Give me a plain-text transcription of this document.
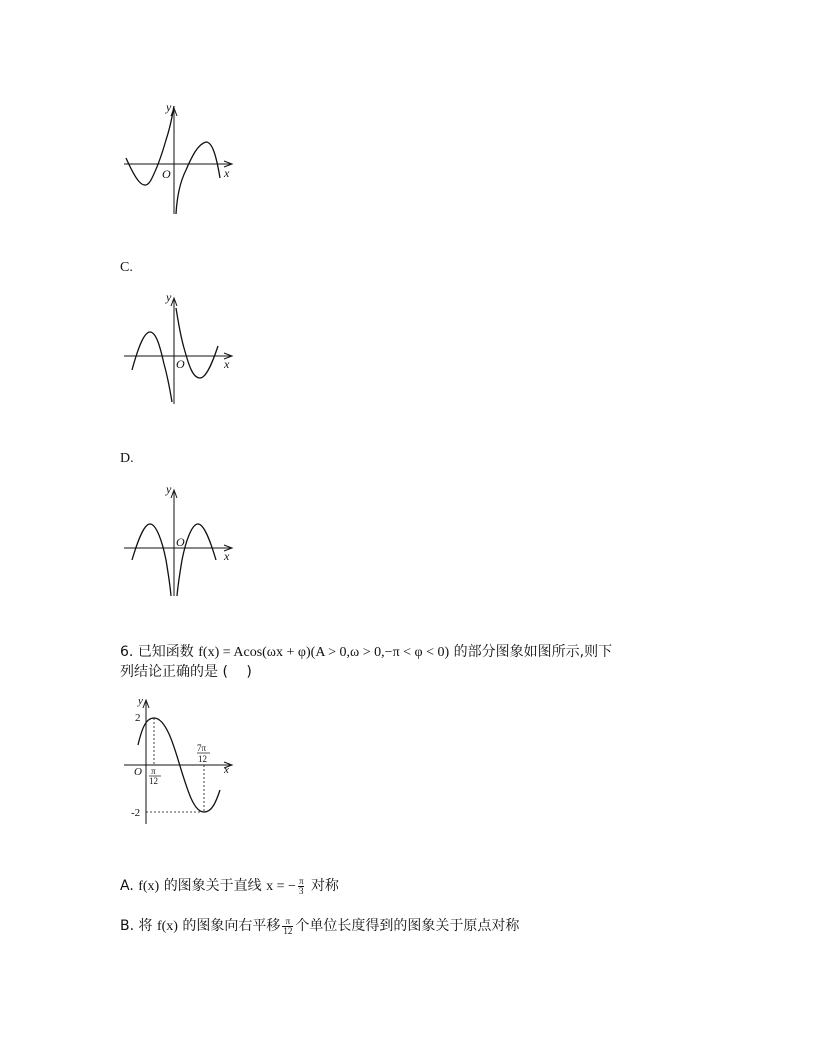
y
x
O
C.
y
x
O
D.
y
x
O
6. 已知函数 f(x) = Acos(ωx + φ)(A > 0,ω > 0,−π < φ < 0) 的部分图象如图所示,则下
列结论正确的是 (　 )
y
x
O
2
-2
π
12
7π
12
A. f(x) 的图象关于直线 x = − $\frac{\pi}{3}$ 对称
B. 将 f(x) 的图象向右平移 $\frac{\pi}{12}$ 个单位长度得到的图象关于原点对称
